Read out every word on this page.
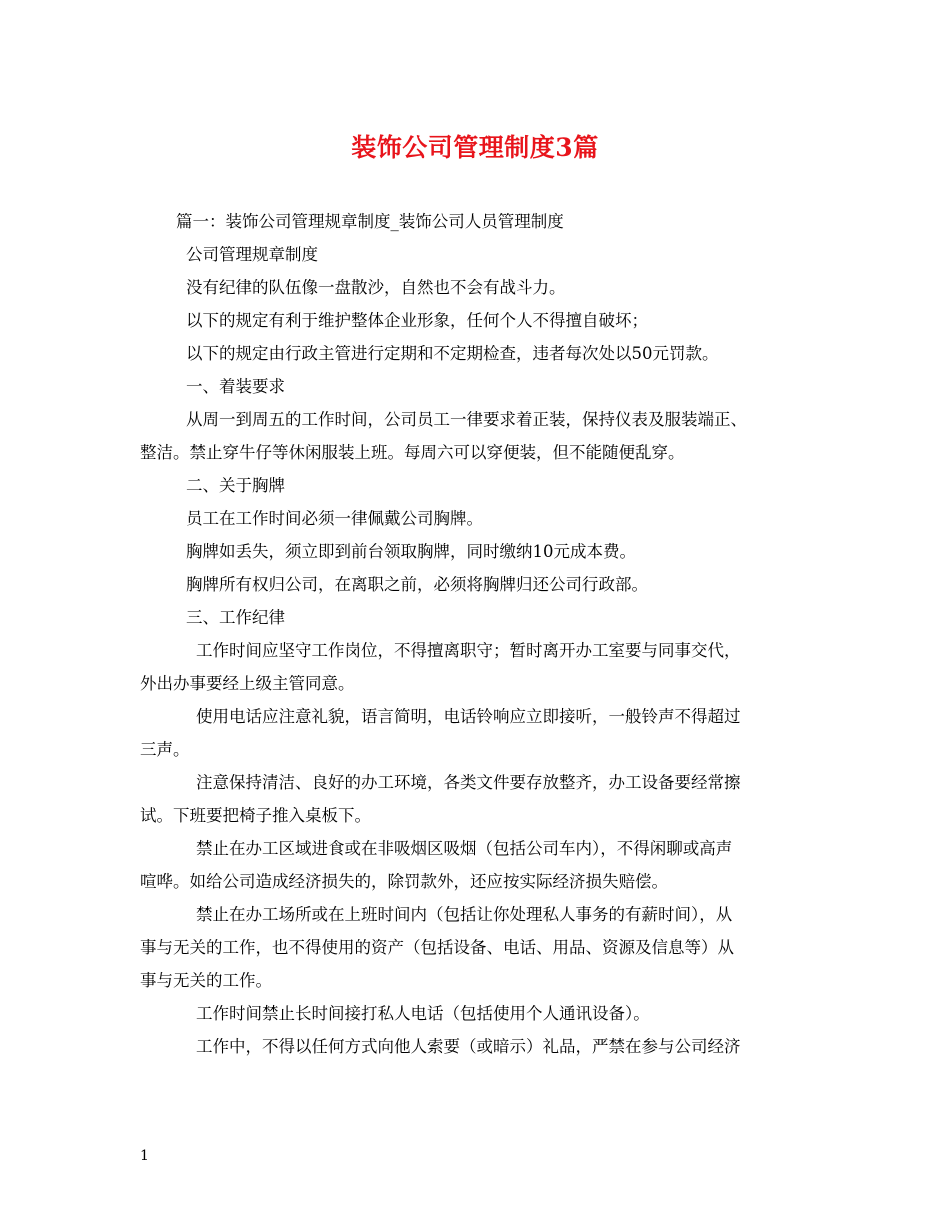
装饰公司管理制度3篇
篇一：装饰公司管理规章制度_装饰公司人员管理制度
公司管理规章制度
没有纪律的队伍像一盘散沙，自然也不会有战斗力。
以下的规定有利于维护整体企业形象，任何个人不得擅自破坏；
以下的规定由行政主管进行定期和不定期检查，违者每次处以50元罚款。
一、着装要求
从周一到周五的工作时间，公司员工一律要求着正装，保持仪表及服装端正、
整洁。禁止穿牛仔等休闲服装上班。每周六可以穿便装，但不能随便乱穿。
二、关于胸牌
员工在工作时间必须一律佩戴公司胸牌。
胸牌如丢失，须立即到前台领取胸牌，同时缴纳10元成本费。
胸牌所有权归公司，在离职之前，必须将胸牌归还公司行政部。
三、工作纪律
工作时间应坚守工作岗位，不得擅离职守；暂时离开办工室要与同事交代，
外出办事要经上级主管同意。
使用电话应注意礼貌，语言简明，电话铃响应立即接听，一般铃声不得超过
三声。
注意保持清洁、良好的办工环境，各类文件要存放整齐，办工设备要经常擦
试。下班要把椅子推入桌板下。
禁止在办工区域进食或在非吸烟区吸烟（包括公司车内），不得闲聊或高声
喧哗。如给公司造成经济损失的，除罚款外，还应按实际经济损失赔偿。
禁止在办工场所或在上班时间内（包括让你处理私人事务的有薪时间），从
事与无关的工作，也不得使用的资产（包括设备、电话、用品、资源及信息等）从
事与无关的工作。
工作时间禁止长时间接打私人电话（包括使用个人通讯设备）。
工作中，不得以任何方式向他人索要（或暗示）礼品，严禁在参与公司经济
1
